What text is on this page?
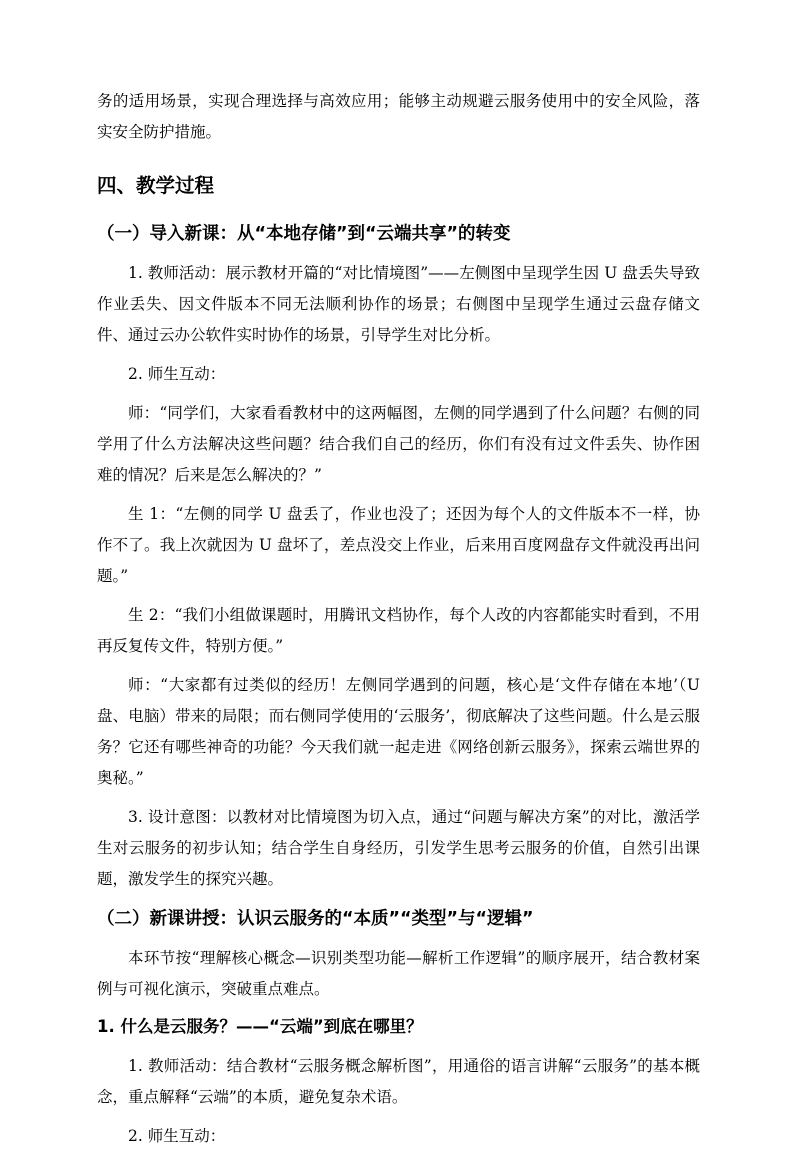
务的适用场景，实现合理选择与高效应用；能够主动规避云服务使用中的安全风险，落实安全防护措施。

四、教学过程
（一）导入新课：从“本地存储”到“云端共享”的转变

1. 教师活动：展示教材开篇的“对比情境图”——左侧图中呈现学生因 U 盘丢失导致作业丢失、因文件版本不同无法顺利协作的场景；右侧图中呈现学生通过云盘存储文件、通过云办公软件实时协作的场景，引导学生对比分析。

2. 师生互动：

师：“同学们，大家看看教材中的这两幅图，左侧的同学遇到了什么问题？右侧的同学用了什么方法解决这些问题？结合我们自己的经历，你们有没有过文件丢失、协作困难的情况？后来是怎么解决的？”

生 1：“左侧的同学 U 盘丢了，作业也没了；还因为每个人的文件版本不一样，协作不了。我上次就因为 U 盘坏了，差点没交上作业，后来用百度网盘存文件就没再出问题。”

生 2：“我们小组做课题时，用腾讯文档协作，每个人改的内容都能实时看到，不用再反复传文件，特别方便。”

师：“大家都有过类似的经历！左侧同学遇到的问题，核心是‘文件存储在本地’（U 盘、电脑）带来的局限；而右侧同学使用的‘云服务’，彻底解决了这些问题。什么是云服务？它还有哪些神奇的功能？今天我们就一起走进《网络创新云服务》，探索云端世界的奥秘。”

3. 设计意图：以教材对比情境图为切入点，通过“问题与解决方案”的对比，激活学生对云服务的初步认知；结合学生自身经历，引发学生思考云服务的价值，自然引出课题，激发学生的探究兴趣。

（二）新课讲授：认识云服务的“本质”“类型”与“逻辑”

本环节按“理解核心概念—识别类型功能—解析工作逻辑”的顺序展开，结合教材案例与可视化演示，突破重点难点。

1. 什么是云服务？——“云端”到底在哪里？

1. 教师活动：结合教材“云服务概念解析图”，用通俗的语言讲解“云服务”的基本概念，重点解释“云端”的本质，避免复杂术语。

2. 师生互动：
